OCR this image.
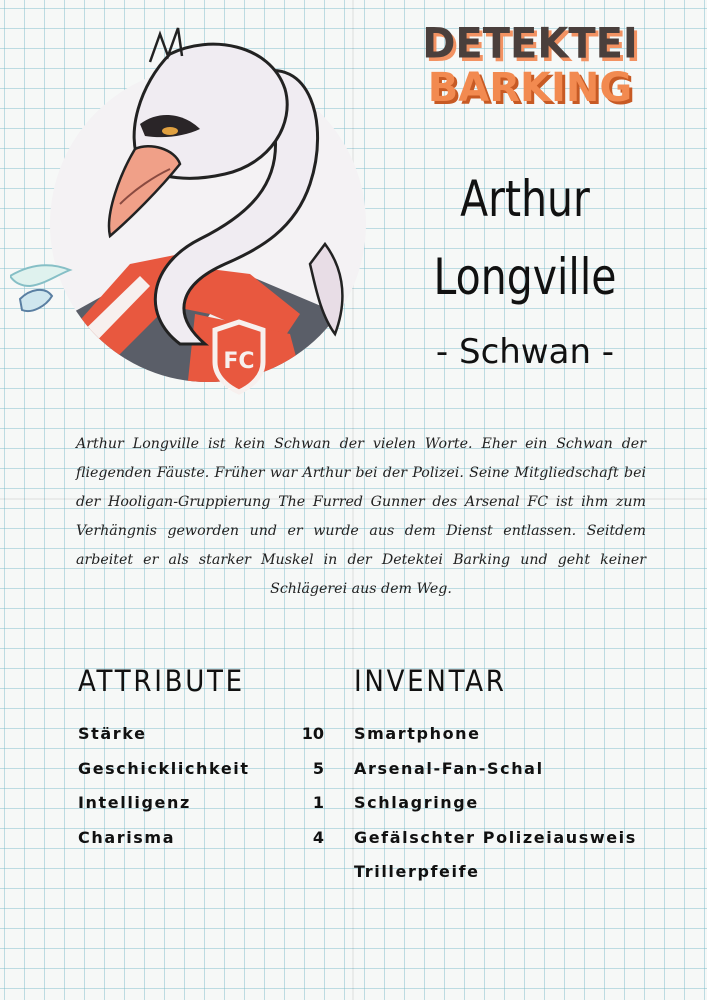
FC
DETEKTEI
BARKING
Arthur
Longville
- Schwan -
Arthur Longville ist kein Schwan der vielen Worte. Eher ein Schwan der fliegenden Fäuste. Früher war Arthur bei der Polizei. Seine Mitgliedschaft bei der Hooligan-Gruppierung The Furred Gunner des Arsenal FC ist ihm zum Verhängnis geworden und er wurde aus dem Dienst entlassen. Seitdem arbeitet er als starker Muskel in der Detektei Barking und geht keiner Schlägerei aus dem Weg.
ATTRIBUTE
Stärke	10
Geschicklichkeit	5
Intelligenz	1
Charisma	4
INVENTAR
Smartphone
Arsenal-Fan-Schal
Schlagringe
Gefälschter Polizeiausweis
Trillerpfeife
